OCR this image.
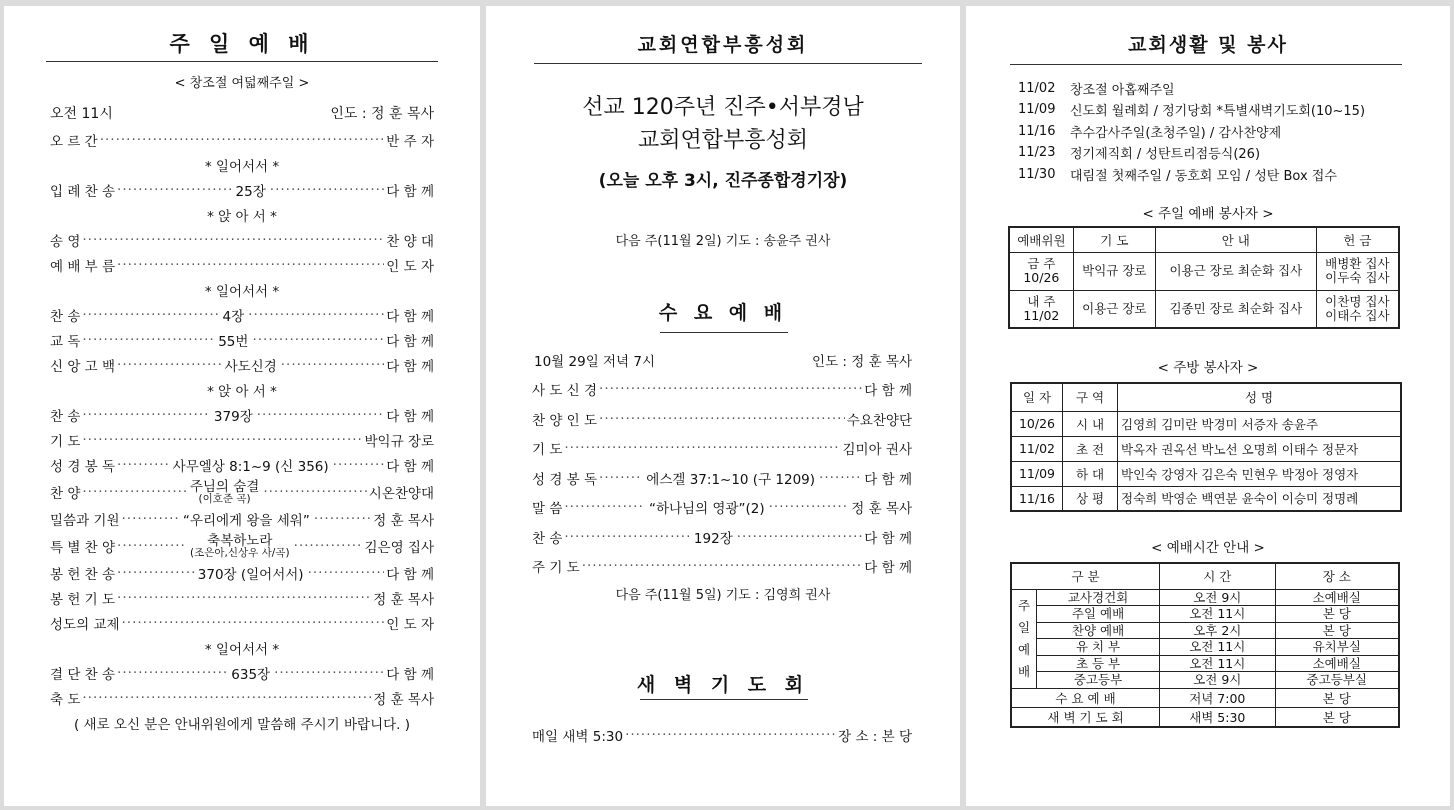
주 일 예 배
< 창조절 여덟째주일 >
오전 11시	인도 : 정 훈 목사
오 르 간 ·····	반 주 자
* 일어서서 *
입 례 찬 송 ·····	25장 ·····	다 함 께
* 앉 아 서 *
송 영 ·····	찬 양 대
예 배 부 름 ·····	인 도 자
* 일어서서 *
찬 송 ·····	4장 ·····	다 함 께
교 독 ·····	55번 ·····	다 함 께
신 앙 고 백 ·····	사도신경 ·····	다 함 께
* 앉 아 서 *
찬 송 ·····	379장 ·····	다 함 께
기 도 ·····	박익규 장로
성 경 봉 독 ·····	사무엘상 8:1~9 (신 356) ·····	다 함 께
찬 양 ·····	주님의 숨결
(이호준 곡) ·····	시온찬양대
밀씀과 기원 ·····	“우리에게 왕을 세워” ·····	정 훈 목사
특 별 찬 양 ·····	축복하노라
(조은아,신상우 사/곡) ·····	김은영 집사
봉 헌 찬 송 ·····	370장 (일어서서) ·····	다 함 께
봉 헌 기 도 ·····	정 훈 목사
성도의 교제 ·····	인 도 자
* 일어서서 *
결 단 찬 송 ·····	635장 ·····	다 함 께
축 도 ·····	정 훈 목사
( 새로 오신 분은 안내위원에게 말씀해 주시기 바랍니다. )
교회연합부흥성회
선교 120주년 진주•서부경남
교회연합부흥성회
(오늘 오후 3시, 진주종합경기장)
다음 주(11월 2일) 기도 : 송윤주 권사
수 요 예 배
10월 29일 저녁 7시	인도 : 정 훈 목사
사 도 신 경 ·····	다 함 께
찬 양 인 도 ·····	수요찬양단
기 도 ·····	김미아 권사
성 경 봉 독 ·····	에스겔 37:1~10 (구 1209) ·····	다 함 께
말 씀 ·····	“하나님의 영광”(2) ·····	정 훈 목사
찬 송 ·····	192장 ·····	다 함 께
주 기 도 ·····	다 함 께
다음 주(11월 5일) 기도 : 김영희 권사
새 벽 기 도 회
매일 새벽 5:30 ·····	장 소 : 본 당
교회생활 및 봉사
11/02	창조절 아홉째주일
11/09	신도회 월례회 / 정기당회 *특별새벽기도회(10~15)
11/16	추수감사주일(초청주일) / 감사찬양제
11/23	정기제직회 / 성탄트리점등식(26)
11/30	대림절 첫째주일 / 동호회 모임 / 성탄 Box 접수
< 주일 예배 봉사자 >
예배위원	기 도	안 내	헌 금
금 주
10/26	박익규 장로	이용근 장로 최순화 집사	배병환 집사
이두숙 집사
내 주
11/02	이용근 장로	김종민 장로 최순화 집사	이찬명 집사
이태수 집사
< 주방 봉사자 >
일 자	구 역	성 명
10/26	시 내	김영희 김미란 박경미 서증자 송윤주
11/02	초 전	박옥자 권옥선 박노선 오명희 이태수 정문자
11/09	하 대	박인숙 강영자 김은숙 민현우 박정아 정영자
11/16	상 평	정숙희 박영순 백연분 윤숙이 이승미 정명례
< 예배시간 안내 >
구 분		시 간	장 소

주
일
예
배	교사경건회	오전 9시	소예배실
	주일 예배	오전 11시	본 당
	찬양 예배	오후 2시	본 당
	유 치 부	오전 11시	유치부실
	초 등 부	오전 11시	소예배실
	중고등부	오전 9시	중고등부실
수 요 예 배		저녁 7:00	본 당
새 벽 기 도 회		새벽 5:30	본 당
